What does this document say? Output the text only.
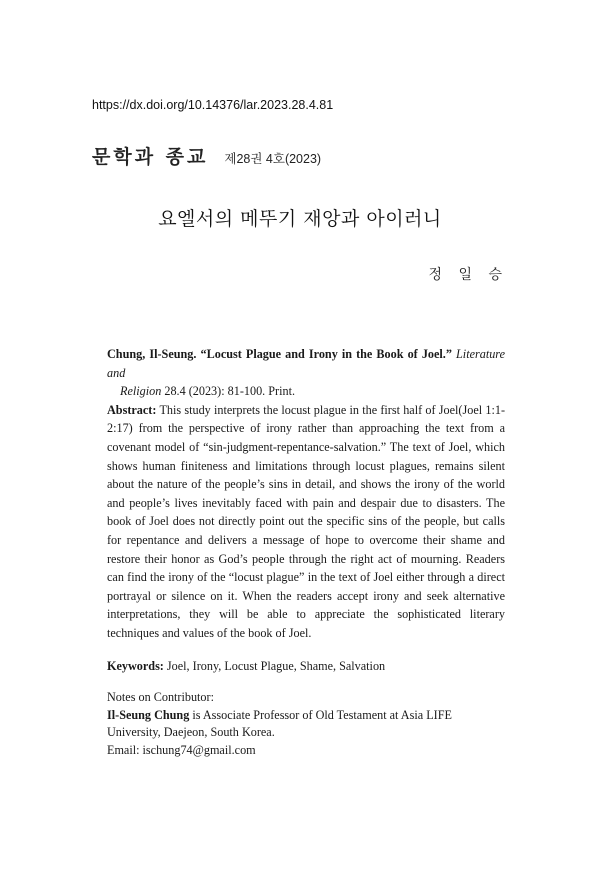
https://dx.doi.org/10.14376/lar.2023.28.4.81
문학과 종교 제28권 4호(2023)
요엘서의 메뚜기 재앙과 아이러니
정 일 승
Chung, Il-Seung. “Locust Plague and Irony in the Book of Joel.” Literature and
Religion 28.4 (2023): 81-100. Print.
Abstract: This study interprets the locust plague in the first half of Joel(Joel 1:1-2:17) from the perspective of irony rather than approaching the text from a covenant model of “sin-judgment-repentance-salvation.” The text of Joel, which shows human finiteness and limitations through locust plagues, remains silent about the nature of the people’s sins in detail, and shows the irony of the world and people’s lives inevitably faced with pain and despair due to disasters. The book of Joel does not directly point out the specific sins of the people, but calls for repentance and delivers a message of hope to overcome their shame and restore their honor as God’s people through the right act of mourning. Readers can find the irony of the “locust plague” in the text of Joel either through a direct portrayal or silence on it. When the readers accept irony and seek alternative interpretations, they will be able to appreciate the sophisticated literary techniques and values of the book of Joel.
Keywords: Joel, Irony, Locust Plague, Shame, Salvation
Notes on Contributor:
Il-Seung Chung is Associate Professor of Old Testament at Asia LIFE University, Daejeon, South Korea.
Email: ischung74@gmail.com
